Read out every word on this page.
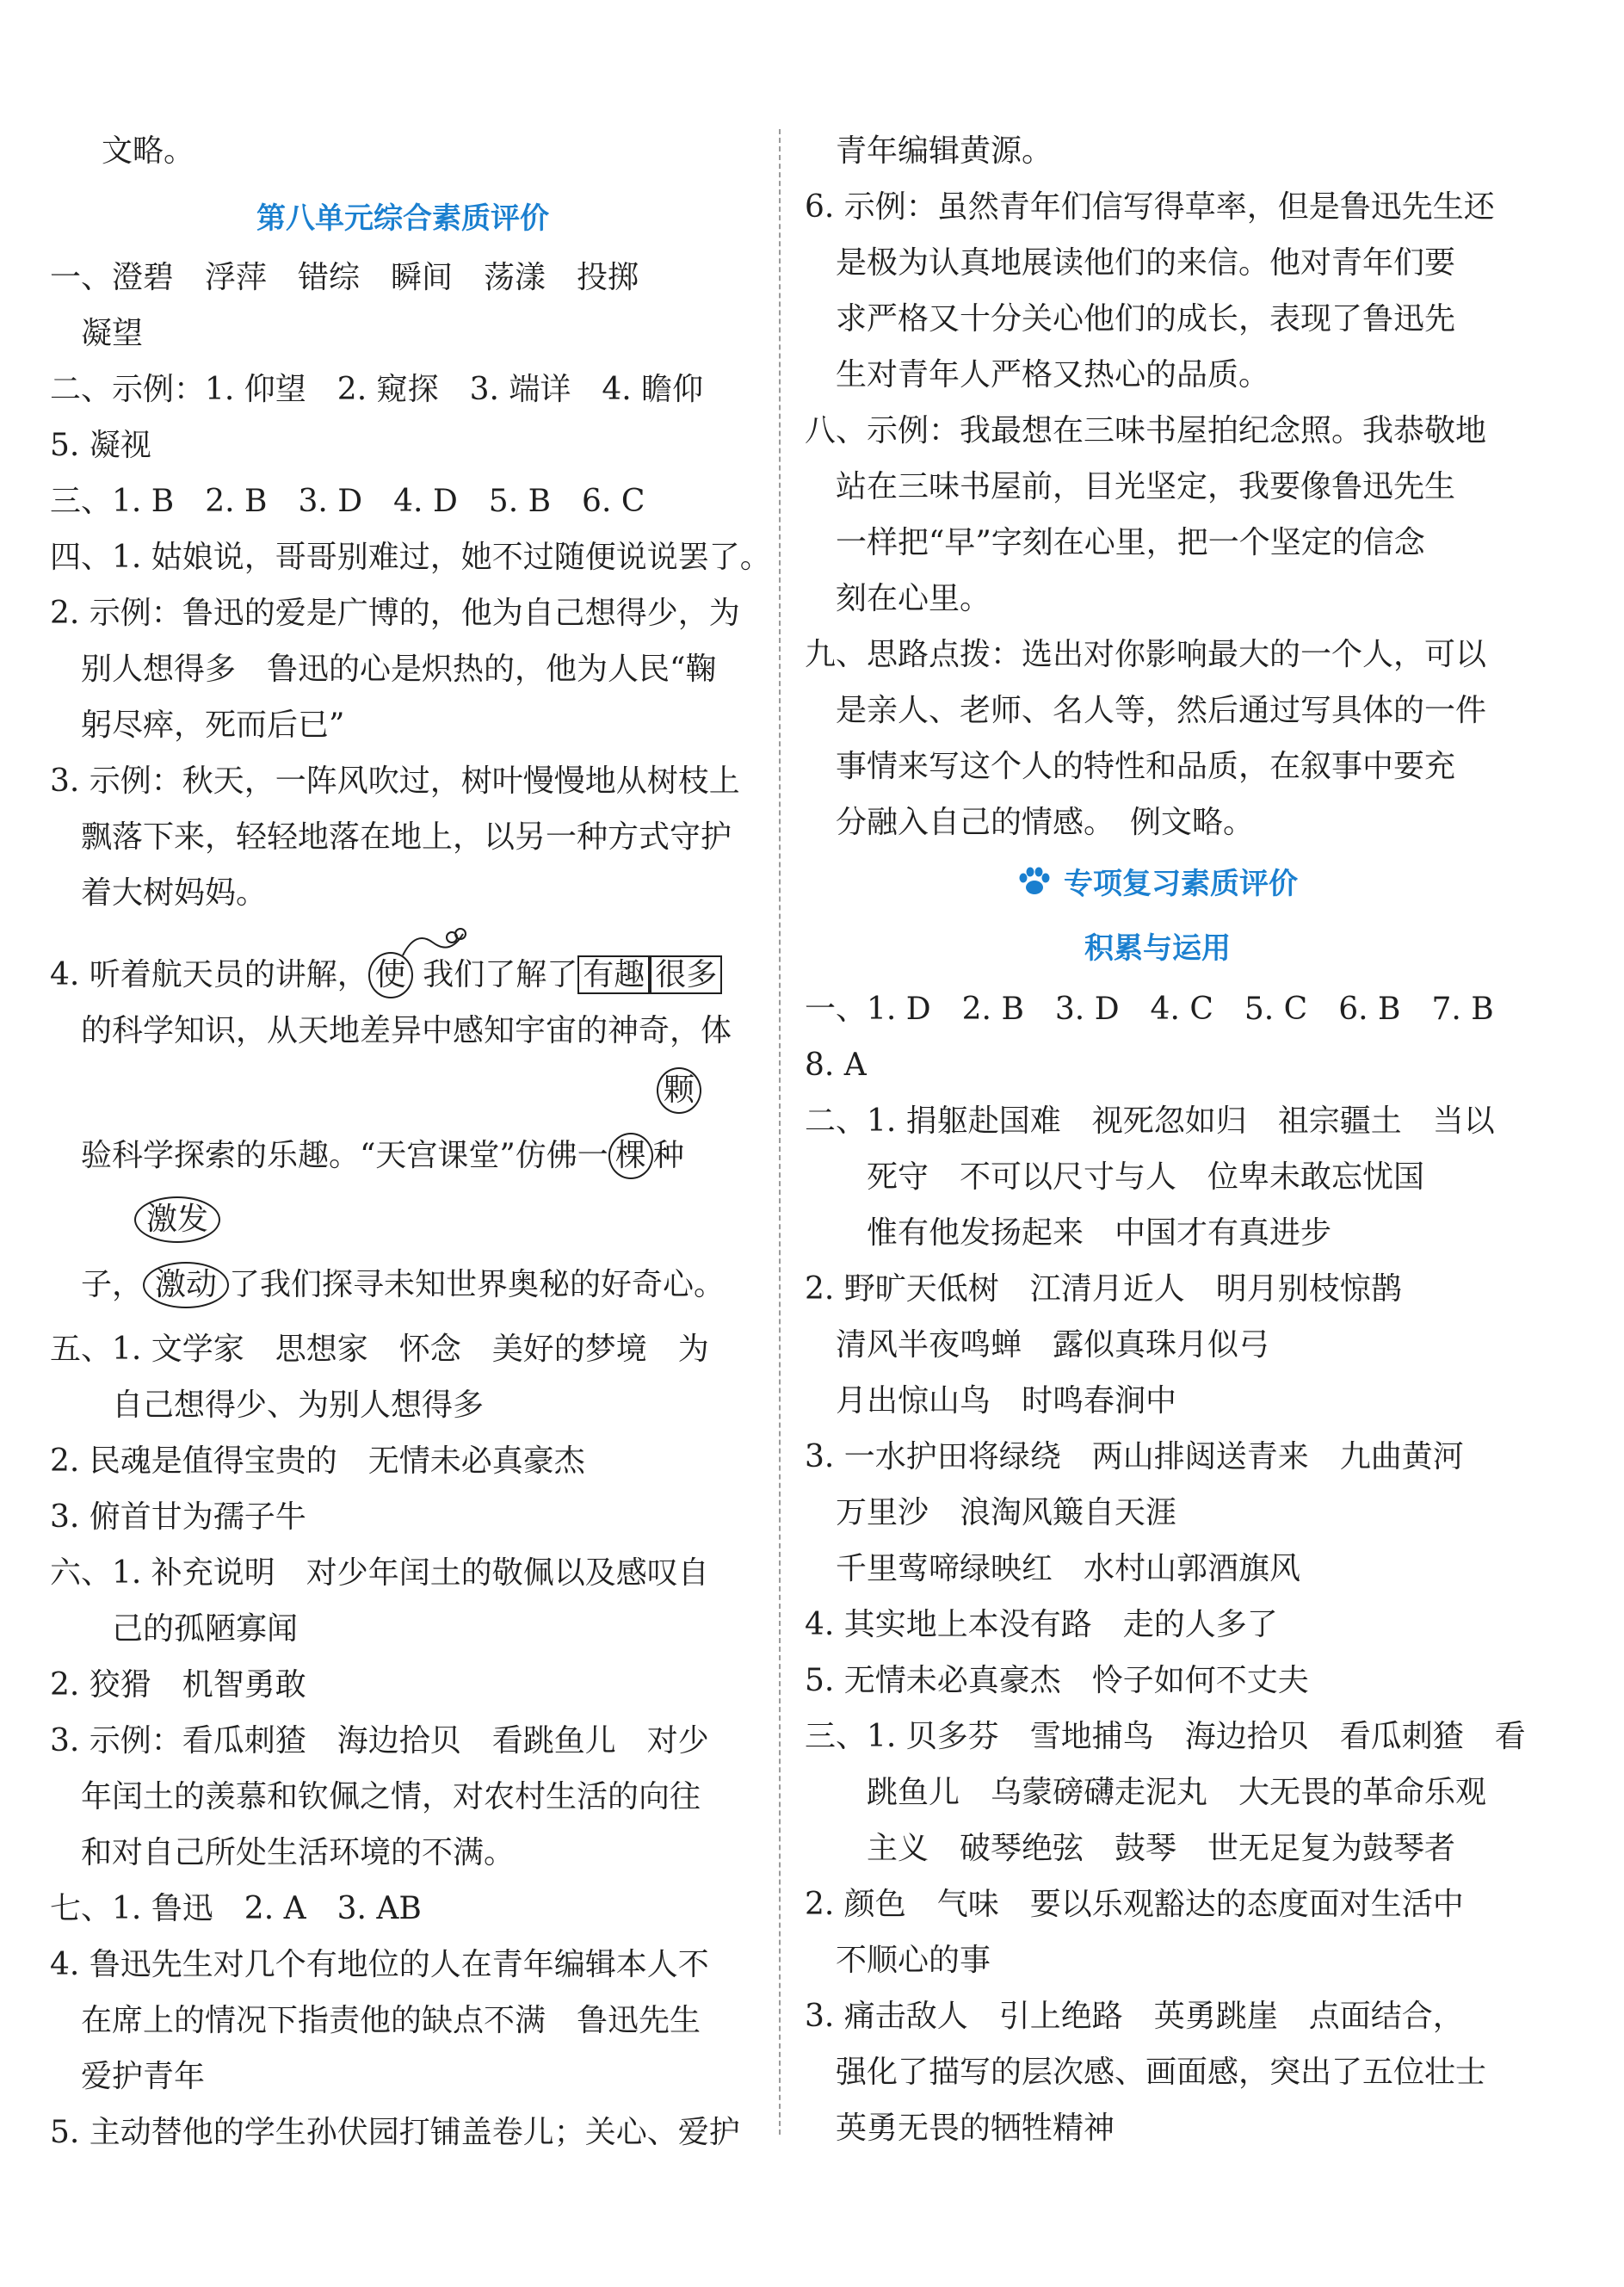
文略。
第八单元综合素质评价
一、澄碧　浮萍　错综　瞬间　荡漾　投掷
　凝望
二、示例：1. 仰望　2. 窥探　3. 端详　4. 瞻仰
5. 凝视
三、1. B　2. B　3. D　4. D　5. B　6. C
四、1. 姑娘说，哥哥别难过，她不过随便说说罢了。
2. 示例：鲁迅的爱是广博的，他为自己想得少，为
　别人想得多　鲁迅的心是炽热的，他为人民“鞠
　躬尽瘁，死而后已”
3. 示例：秋天，一阵风吹过，树叶慢慢地从树枝上
　飘落下来，轻轻地落在地上，以另一种方式守护
　着大树妈妈。
4. 听着航天员的讲解， 使 我们了解了 有趣 很多
　的科学知识，从天地差异中感知宇宙的神奇，体
颗
　验科学探索的乐趣。“天宫课堂”仿佛一 棵 种
激发
　子， 激动 了我们探寻未知世界奥秘的好奇心。
五、1. 文学家　思想家　怀念　美好的梦境　为
　　自己想得少、为别人想得多
2. 民魂是值得宝贵的　无情未必真豪杰
3. 俯首甘为孺子牛
六、1. 补充说明　对少年闰土的敬佩以及感叹自
　　己的孤陋寡闻
2. 狡猾　机智勇敢
3. 示例：看瓜刺猹　海边拾贝　看跳鱼儿　对少
　年闰土的羡慕和钦佩之情，对农村生活的向往
　和对自己所处生活环境的不满。
七、1. 鲁迅　2. A　3. AB
4. 鲁迅先生对几个有地位的人在青年编辑本人不
　在席上的情况下指责他的缺点不满　鲁迅先生
　爱护青年
5. 主动替他的学生孙伏园打铺盖卷儿；关心、爱护
　青年编辑黄源。
6. 示例：虽然青年们信写得草率，但是鲁迅先生还
　是极为认真地展读他们的来信。他对青年们要
　求严格又十分关心他们的成长，表现了鲁迅先
　生对青年人严格又热心的品质。
八、示例：我最想在三味书屋拍纪念照。我恭敬地
　站在三味书屋前，目光坚定，我要像鲁迅先生
　一样把“早”字刻在心里，把一个坚定的信念
　刻在心里。
九、思路点拨：选出对你影响最大的一个人，可以
　是亲人、老师、名人等，然后通过写具体的一件
　事情来写这个人的特性和品质，在叙事中要充
　分融入自己的情感。　例文略。
专项复习素质评价
积累与运用
一、1. D　2. B　3. D　4. C　5. C　6. B　7. B
8. A
二、1. 捐躯赴国难　视死忽如归　祖宗疆土　当以
　　死守　不可以尺寸与人　位卑未敢忘忧国
　　惟有他发扬起来　中国才有真进步
2. 野旷天低树　江清月近人　明月别枝惊鹊
　清风半夜鸣蝉　露似真珠月似弓
　月出惊山鸟　时鸣春涧中
3. 一水护田将绿绕　两山排闼送青来　九曲黄河
　万里沙　浪淘风簸自天涯
　千里莺啼绿映红　水村山郭酒旗风
4. 其实地上本没有路　走的人多了
5. 无情未必真豪杰　怜子如何不丈夫
三、1. 贝多芬　雪地捕鸟　海边拾贝　看瓜刺猹　看
　　跳鱼儿　乌蒙磅礴走泥丸　大无畏的革命乐观
　　主义　破琴绝弦　鼓琴　世无足复为鼓琴者
2. 颜色　气味　要以乐观豁达的态度面对生活中
　不顺心的事
3. 痛击敌人　引上绝路　英勇跳崖　点面结合，
　强化了描写的层次感、画面感，突出了五位壮士
　英勇无畏的牺牲精神
